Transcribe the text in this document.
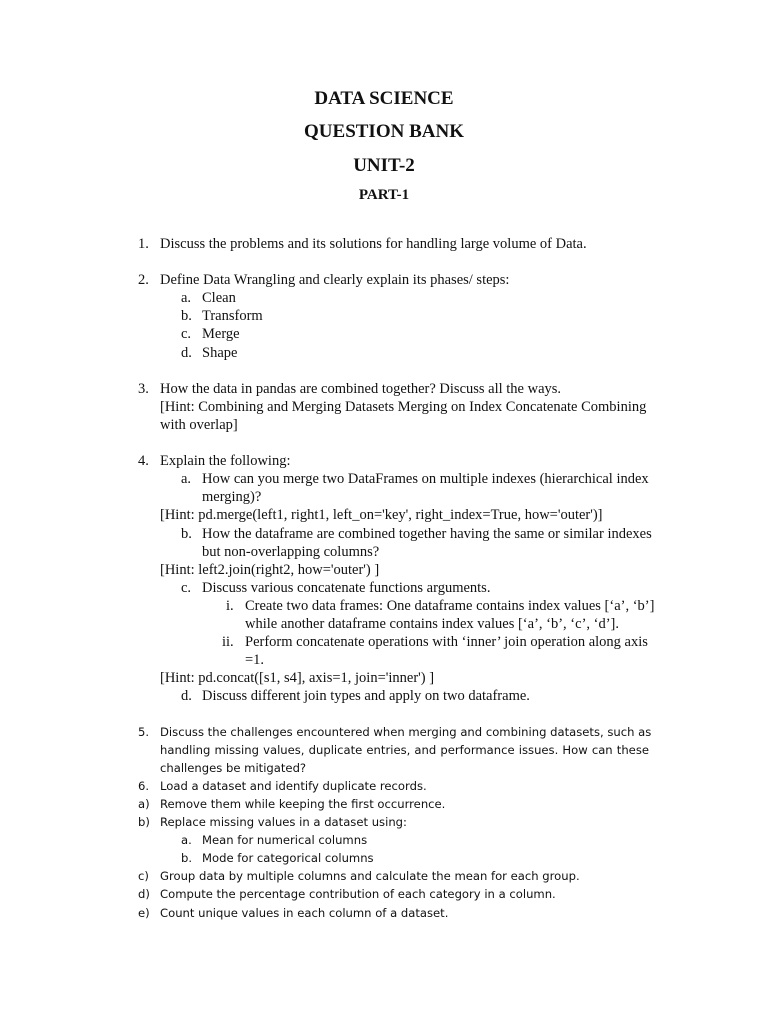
DATA SCIENCE
QUESTION BANK
UNIT-2
PART-1
1. Discuss the problems and its solutions for handling large volume of Data.
2. Define Data Wrangling and clearly explain its phases/ steps:
a. Clean
b. Transform
c. Merge
d. Shape
3. How the data in pandas are combined together? Discuss all the ways.
[Hint: Combining and Merging Datasets Merging on Index Concatenate Combining
with overlap]
4. Explain the following:
a. How can you merge two DataFrames on multiple indexes (hierarchical index
merging)?
[Hint: pd.merge(left1, right1, left_on='key', right_index=True, how='outer')]
b. How the dataframe are combined together having the same or similar indexes
but non-overlapping columns?
[Hint: left2.join(right2, how='outer') ]
c. Discuss various concatenate functions arguments.
i. Create two data frames: One dataframe contains index values [‘a’, ‘b’]
while another dataframe contains index values [‘a’, ‘b’, ‘c’, ‘d’].
ii. Perform concatenate operations with ‘inner’ join operation along axis
=1.
[Hint: pd.concat([s1, s4], axis=1, join='inner') ]
d. Discuss different join types and apply on two dataframe.
5. Discuss the challenges encountered when merging and combining datasets, such as
handling missing values, duplicate entries, and performance issues. How can these
challenges be mitigated?
6. Load a dataset and identify duplicate records.
a) Remove them while keeping the first occurrence.
b) Replace missing values in a dataset using:
a. Mean for numerical columns
b. Mode for categorical columns
c) Group data by multiple columns and calculate the mean for each group.
d) Compute the percentage contribution of each category in a column.
e) Count unique values in each column of a dataset.
